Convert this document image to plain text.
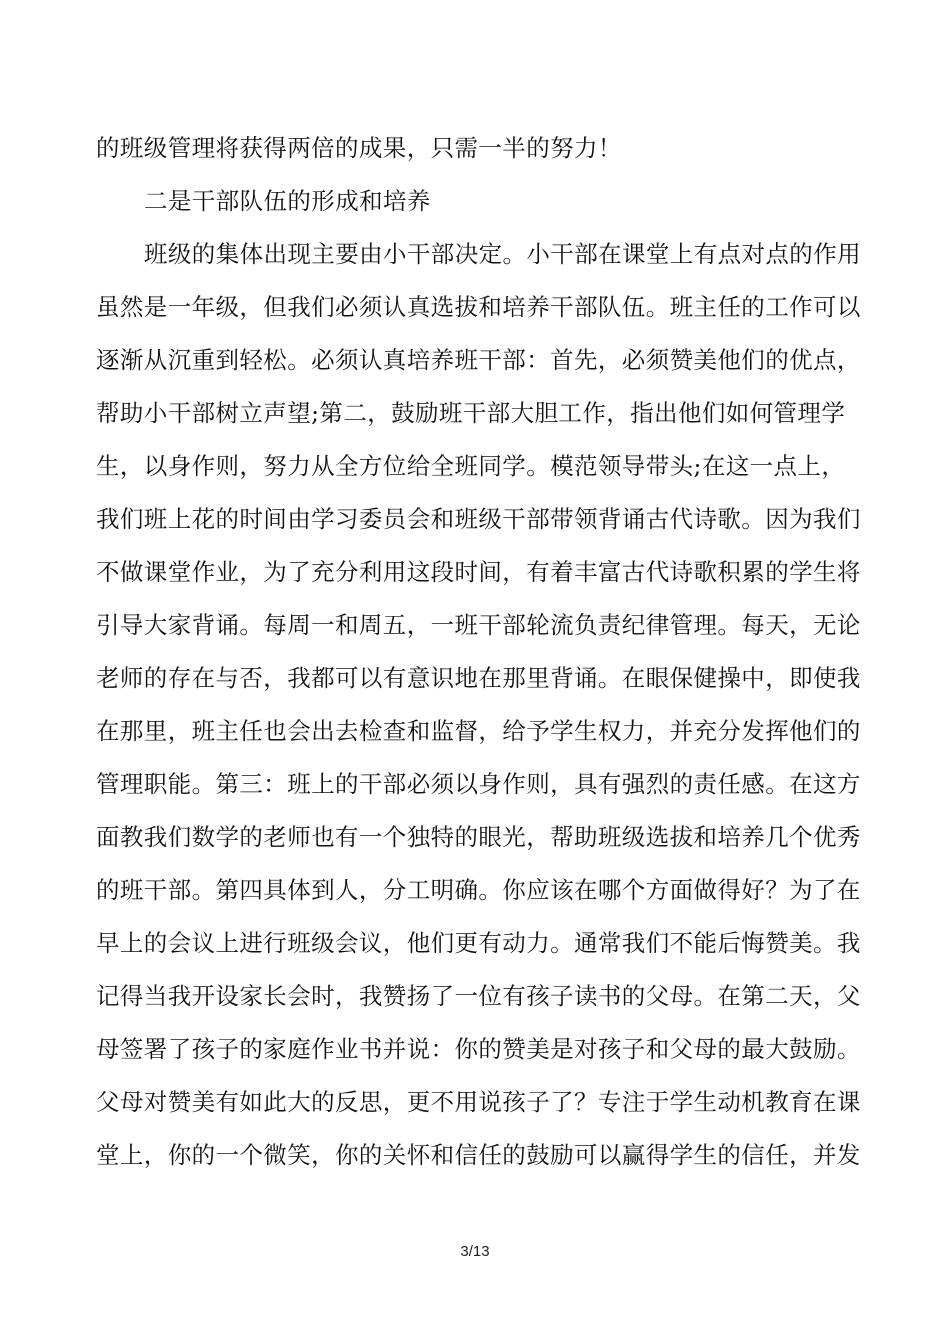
的班级管理将获得两倍的成果，只需一半的努力！
二是干部队伍的形成和培养
班级的集体出现主要由小干部决定。小干部在课堂上有点对点的作用
虽然是一年级，但我们必须认真选拔和培养干部队伍。班主任的工作可以
逐渐从沉重到轻松。必须认真培养班干部：首先，必须赞美他们的优点，
帮助小干部树立声望;第二，鼓励班干部大胆工作，指出他们如何管理学
生，以身作则，努力从全方位给全班同学。模范领导带头;在这一点上，
我们班上花的时间由学习委员会和班级干部带领背诵古代诗歌。因为我们
不做课堂作业，为了充分利用这段时间，有着丰富古代诗歌积累的学生将
引导大家背诵。每周一和周五，一班干部轮流负责纪律管理。每天，无论
老师的存在与否，我都可以有意识地在那里背诵。在眼保健操中，即使我
在那里，班主任也会出去检查和监督，给予学生权力，并充分发挥他们的
管理职能。第三：班上的干部必须以身作则，具有强烈的责任感。在这方
面教我们数学的老师也有一个独特的眼光，帮助班级选拔和培养几个优秀
的班干部。第四具体到人，分工明确。你应该在哪个方面做得好？为了在
早上的会议上进行班级会议，他们更有动力。通常我们不能后悔赞美。我
记得当我开设家长会时，我赞扬了一位有孩子读书的父母。在第二天，父
母签署了孩子的家庭作业书并说：你的赞美是对孩子和父母的最大鼓励。
父母对赞美有如此大的反思，更不用说孩子了？专注于学生动机教育在课
堂上，你的一个微笑，你的关怀和信任的鼓励可以赢得学生的信任，并发
3/13
